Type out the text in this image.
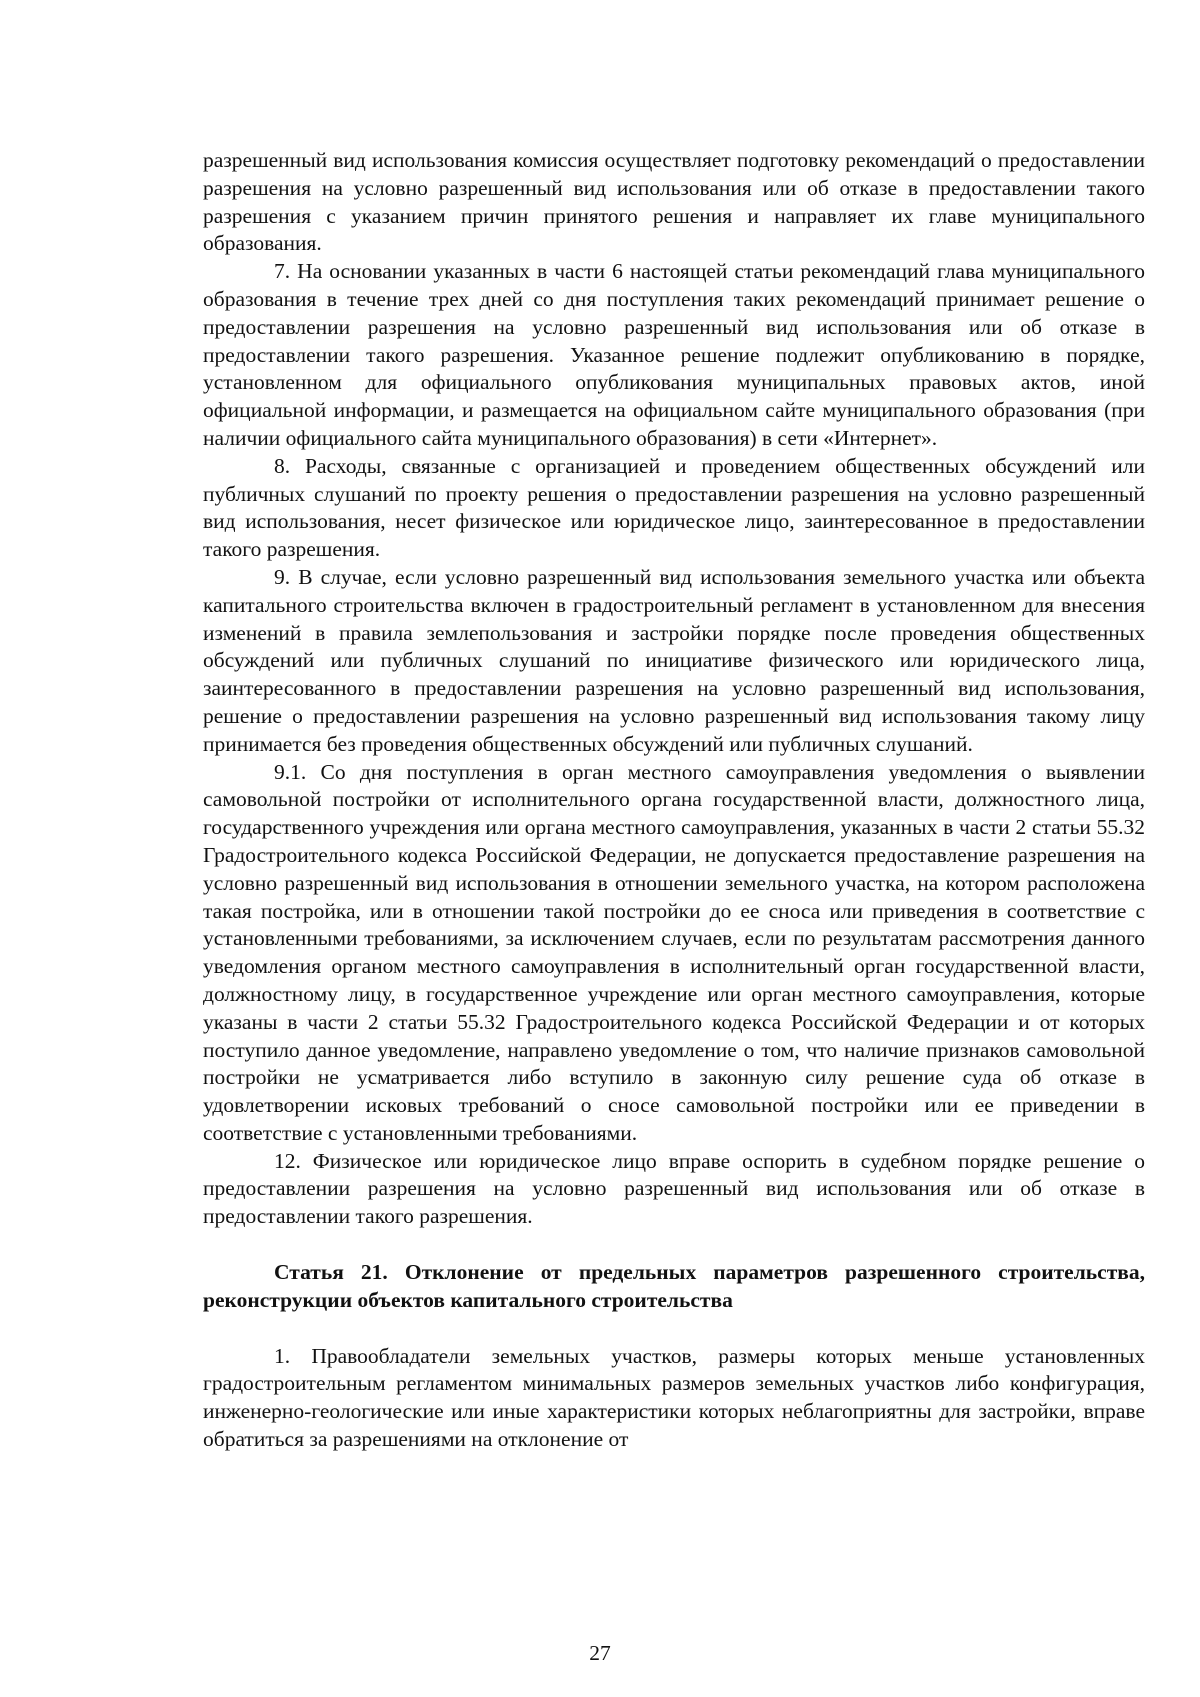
разрешенный вид использования комиссия осуществляет подготовку рекомендаций о предоставлении разрешения на условно разрешенный вид использования или об отказе в предоставлении такого разрешения с указанием причин принятого решения и направляет их главе муниципального образования.

7. На основании указанных в части 6 настоящей статьи рекомендаций глава муниципального образования в течение трех дней со дня поступления таких рекомендаций принимает решение о предоставлении разрешения на условно разрешенный вид использования или об отказе в предоставлении такого разрешения. Указанное решение подлежит опубликованию в порядке, установленном для официального опубликования муниципальных правовых актов, иной официальной информации, и размещается на официальном сайте муниципального образования (при наличии официального сайта муниципального образования) в сети «Интернет».

8. Расходы, связанные с организацией и проведением общественных обсуждений или публичных слушаний по проекту решения о предоставлении разрешения на условно разрешенный вид использования, несет физическое или юридическое лицо, заинтересованное в предоставлении такого разрешения.

9. В случае, если условно разрешенный вид использования земельного участка или объекта капитального строительства включен в градостроительный регламент в установленном для внесения изменений в правила землепользования и застройки порядке после проведения общественных обсуждений или публичных слушаний по инициативе физического или юридического лица, заинтересованного в предоставлении разрешения на условно разрешенный вид использования, решение о предоставлении разрешения на условно разрешенный вид использования такому лицу принимается без проведения общественных обсуждений или публичных слушаний.

9.1. Со дня поступления в орган местного самоуправления уведомления о выявлении самовольной постройки от исполнительного органа государственной власти, должностного лица, государственного учреждения или органа местного самоуправления, указанных в части 2 статьи 55.32 Градостроительного кодекса Российской Федерации, не допускается предоставление разрешения на условно разрешенный вид использования в отношении земельного участка, на котором расположена такая постройка, или в отношении такой постройки до ее сноса или приведения в соответствие с установленными требованиями, за исключением случаев, если по результатам рассмотрения данного уведомления органом местного самоуправления в исполнительный орган государственной власти, должностному лицу, в государственное учреждение или орган местного самоуправления, которые указаны в части 2 статьи 55.32 Градостроительного кодекса Российской Федерации и от которых поступило данное уведомление, направлено уведомление о том, что наличие признаков самовольной постройки не усматривается либо вступило в законную силу решение суда об отказе в удовлетворении исковых требований о сносе самовольной постройки или ее приведении в соответствие с установленными требованиями.

12. Физическое или юридическое лицо вправе оспорить в судебном порядке решение о предоставлении разрешения на условно разрешенный вид использования или об отказе в предоставлении такого разрешения.

Статья 21. Отклонение от предельных параметров разрешенного строительства, реконструкции объектов капитального строительства

1. Правообладатели земельных участков, размеры которых меньше установленных градостроительным регламентом минимальных размеров земельных участков либо конфигурация, инженерно-геологические или иные характеристики которых неблагоприятны для застройки, вправе обратиться за разрешениями на отклонение от

27
